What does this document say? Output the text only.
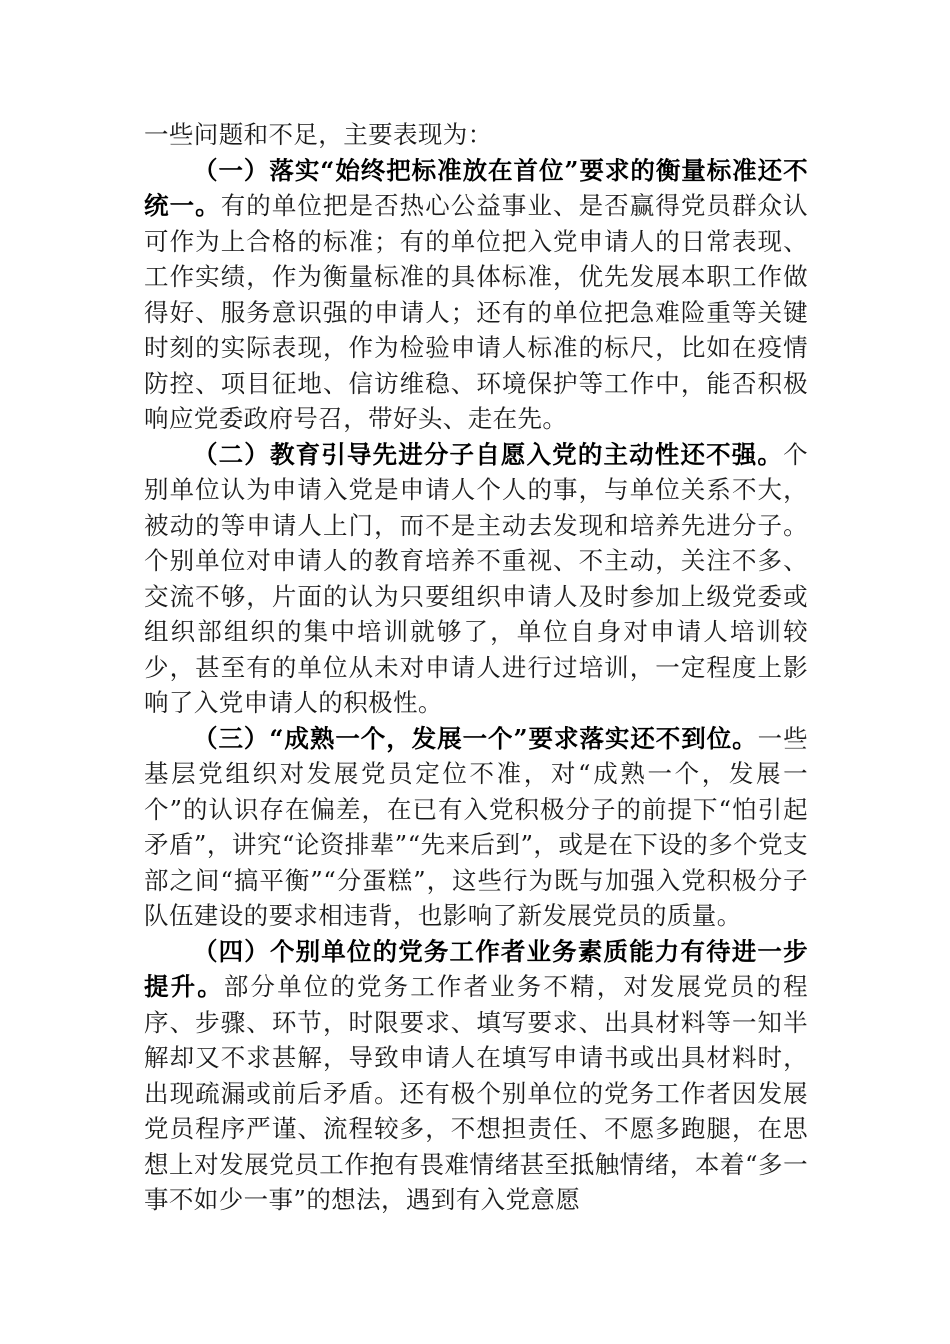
一些问题和不足，主要表现为：

（一）落实“始终把标准放在首位”要求的衡量标准还不统一。有的单位把是否热心公益事业、是否赢得党员群众认可作为上合格的标准；有的单位把入党申请人的日常表现、工作实绩，作为衡量标准的具体标准，优先发展本职工作做得好、服务意识强的申请人；还有的单位把急难险重等关键时刻的实际表现，作为检验申请人标准的标尺，比如在疫情防控、项目征地、信访维稳、环境保护等工作中，能否积极响应党委政府号召，带好头、走在先。

（二）教育引导先进分子自愿入党的主动性还不强。个别单位认为申请入党是申请人个人的事，与单位关系不大，被动的等申请人上门，而不是主动去发现和培养先进分子。个别单位对申请人的教育培养不重视、不主动，关注不多、交流不够，片面的认为只要组织申请人及时参加上级党委或组织部组织的集中培训就够了，单位自身对申请人培训较少，甚至有的单位从未对申请人进行过培训，一定程度上影响了入党申请人的积极性。

（三）“成熟一个，发展一个”要求落实还不到位。一些基层党组织对发展党员定位不准，对“成熟一个，发展一个”的认识存在偏差，在已有入党积极分子的前提下“怕引起矛盾”，讲究“论资排辈”“先来后到”，或是在下设的多个党支部之间“搞平衡”“分蛋糕”，这些行为既与加强入党积极分子队伍建设的要求相违背，也影响了新发展党员的质量。

（四）个别单位的党务工作者业务素质能力有待进一步提升。部分单位的党务工作者业务不精，对发展党员的程序、步骤、环节，时限要求、填写要求、出具材料等一知半解却又不求甚解，导致申请人在填写申请书或出具材料时，出现疏漏或前后矛盾。还有极个别单位的党务工作者因发展党员程序严谨、流程较多，不想担责任、不愿多跑腿，在思想上对发展党员工作抱有畏难情绪甚至抵触情绪，本着“多一事不如少一事”的想法，遇到有入党意愿
